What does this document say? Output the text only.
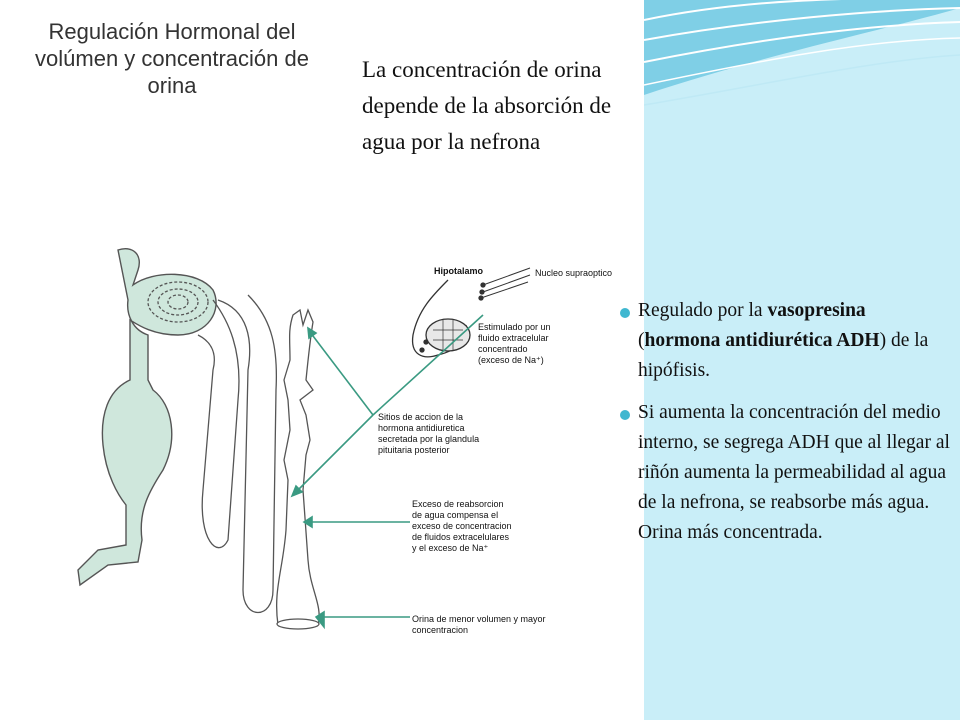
Regulación Hormonal del volúmen y concentración de orina
La concentración de orina depende de la absorción de agua por la nefrona
Hipotalamo	Nucleo supraoptico
Estimulado por un
fluido extracelular
concentrado
(exceso de Na⁺)
Sitios de accion de la
hormona antidiuretica
secretada por la glandula
pituitaria posterior
Exceso de reabsorcion
de agua compensa el
exceso de concentracion
de fluidos extracelulares
y el exceso de Na⁺
Orina de menor volumen y mayor
concentracion
Regulado por la vasopresina (hormona antidiurética ADH) de la hipófisis.
Si aumenta la concentración del medio interno, se segrega ADH que al llegar al riñón aumenta la permeabilidad al agua de la nefrona, se reabsorbe más agua. Orina más concentrada.
